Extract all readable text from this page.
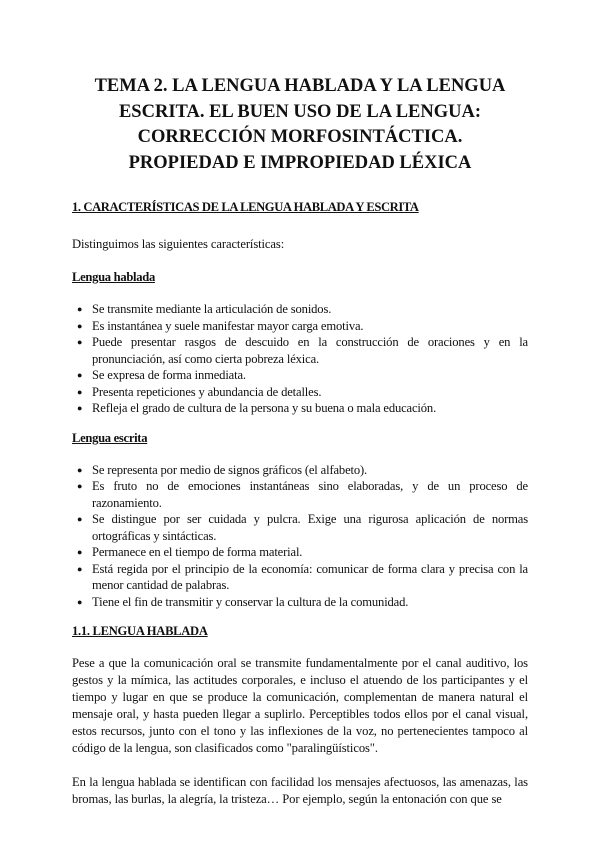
TEMA 2. LA LENGUA HABLADA Y LA LENGUA
ESCRITA. EL BUEN USO DE LA LENGUA:
CORRECCIÓN MORFOSINTÁCTICA.
PROPIEDAD E IMPROPIEDAD LÉXICA
1. CARACTERÍSTICAS DE LA LENGUA HABLADA Y ESCRITA
Distinguimos las siguientes características:
Lengua hablada
● Se transmite mediante la articulación de sonidos.
● Es instantánea y suele manifestar mayor carga emotiva.
● Puede presentar rasgos de descuido en la construcción de oraciones y en la pronunciación, así como cierta pobreza léxica.
● Se expresa de forma inmediata.
● Presenta repeticiones y abundancia de detalles.
● Refleja el grado de cultura de la persona y su buena o mala educación.
Lengua escrita
● Se representa por medio de signos gráficos (el alfabeto).
● Es fruto no de emociones instantáneas sino elaboradas, y de un proceso de razonamiento.
● Se distingue por ser cuidada y pulcra. Exige una rigurosa aplicación de normas ortográficas y sintácticas.
● Permanece en el tiempo de forma material.
● Está regida por el principio de la economía: comunicar de forma clara y precisa con la menor cantidad de palabras.
● Tiene el fin de transmitir y conservar la cultura de la comunidad.
1.1. LENGUA HABLADA
Pese a que la comunicación oral se transmite fundamentalmente por el canal auditivo, los gestos y la mímica, las actitudes corporales, e incluso el atuendo de los participantes y el tiempo y lugar en que se produce la comunicación, complementan de manera natural el mensaje oral, y hasta pueden llegar a suplirlo. Perceptibles todos ellos por el canal visual, estos recursos, junto con el tono y las inflexiones de la voz, no pertenecientes tampoco al código de la lengua, son clasificados como "paralingüísticos".
En la lengua hablada se identifican con facilidad los mensajes afectuosos, las amenazas, las bromas, las burlas, la alegría, la tristeza… Por ejemplo, según la entonación con que se
